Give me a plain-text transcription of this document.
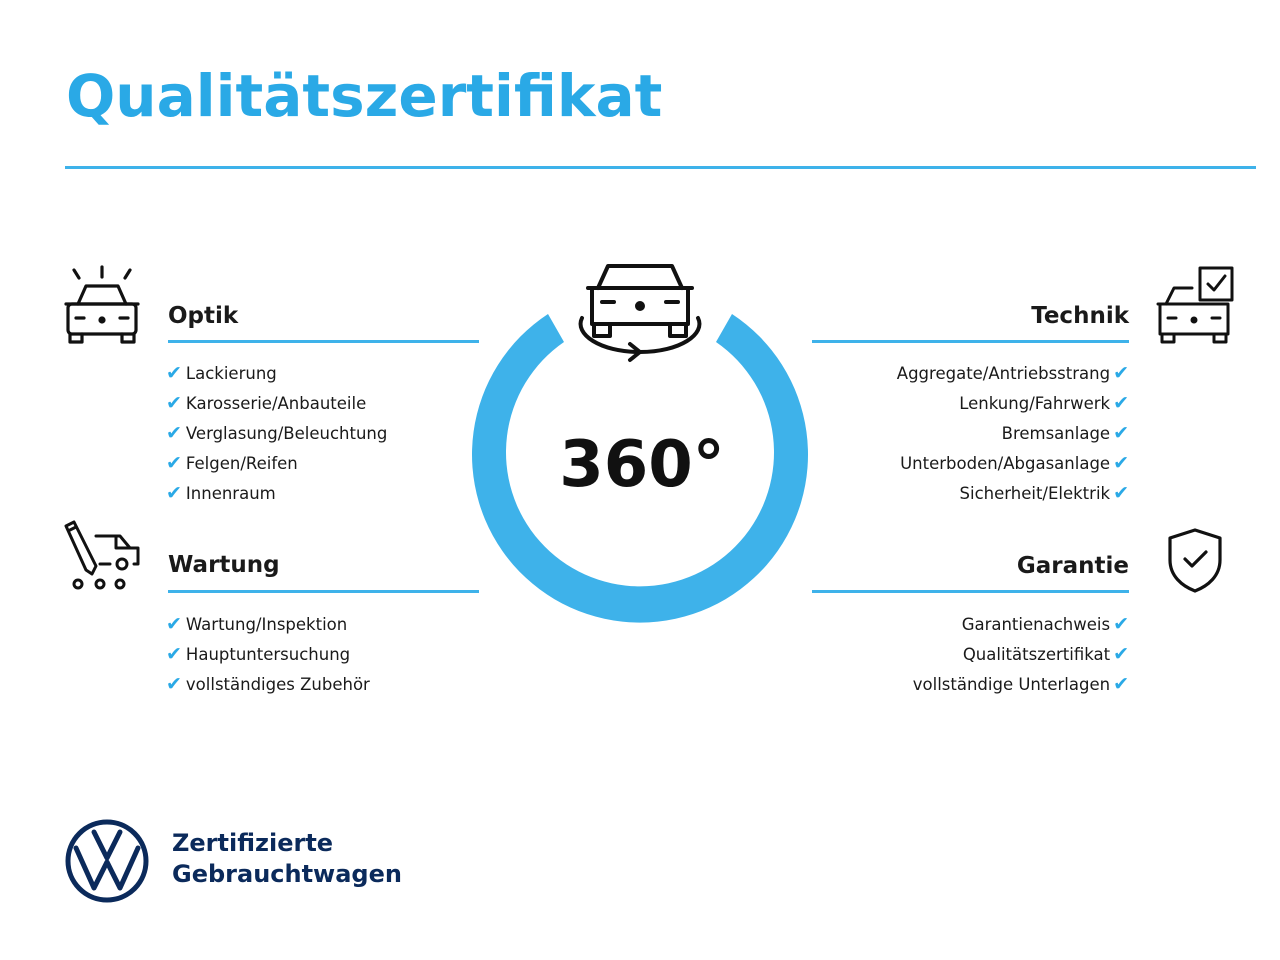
Qualitätszertifikat
Optik
✔ Lackierung
✔ Karosserie/Anbauteile
✔ Verglasung/Beleuchtung
✔ Felgen/Reifen
✔ Innenraum
Wartung
✔ Wartung/Inspektion
✔ Hauptuntersuchung
✔ vollständiges Zubehör
Technik
Aggregate/Antriebsstrang ✔
Lenkung/Fahrwerk ✔
Bremsanlage ✔
Unterboden/Abgasanlage ✔
Sicherheit/Elektrik ✔
Garantie
Garantienachweis ✔
Qualitätszertifikat ✔
vollständige Unterlagen ✔
360°
Gebrauchtwagen-Check
Zertifizierte
Gebrauchtwagen
